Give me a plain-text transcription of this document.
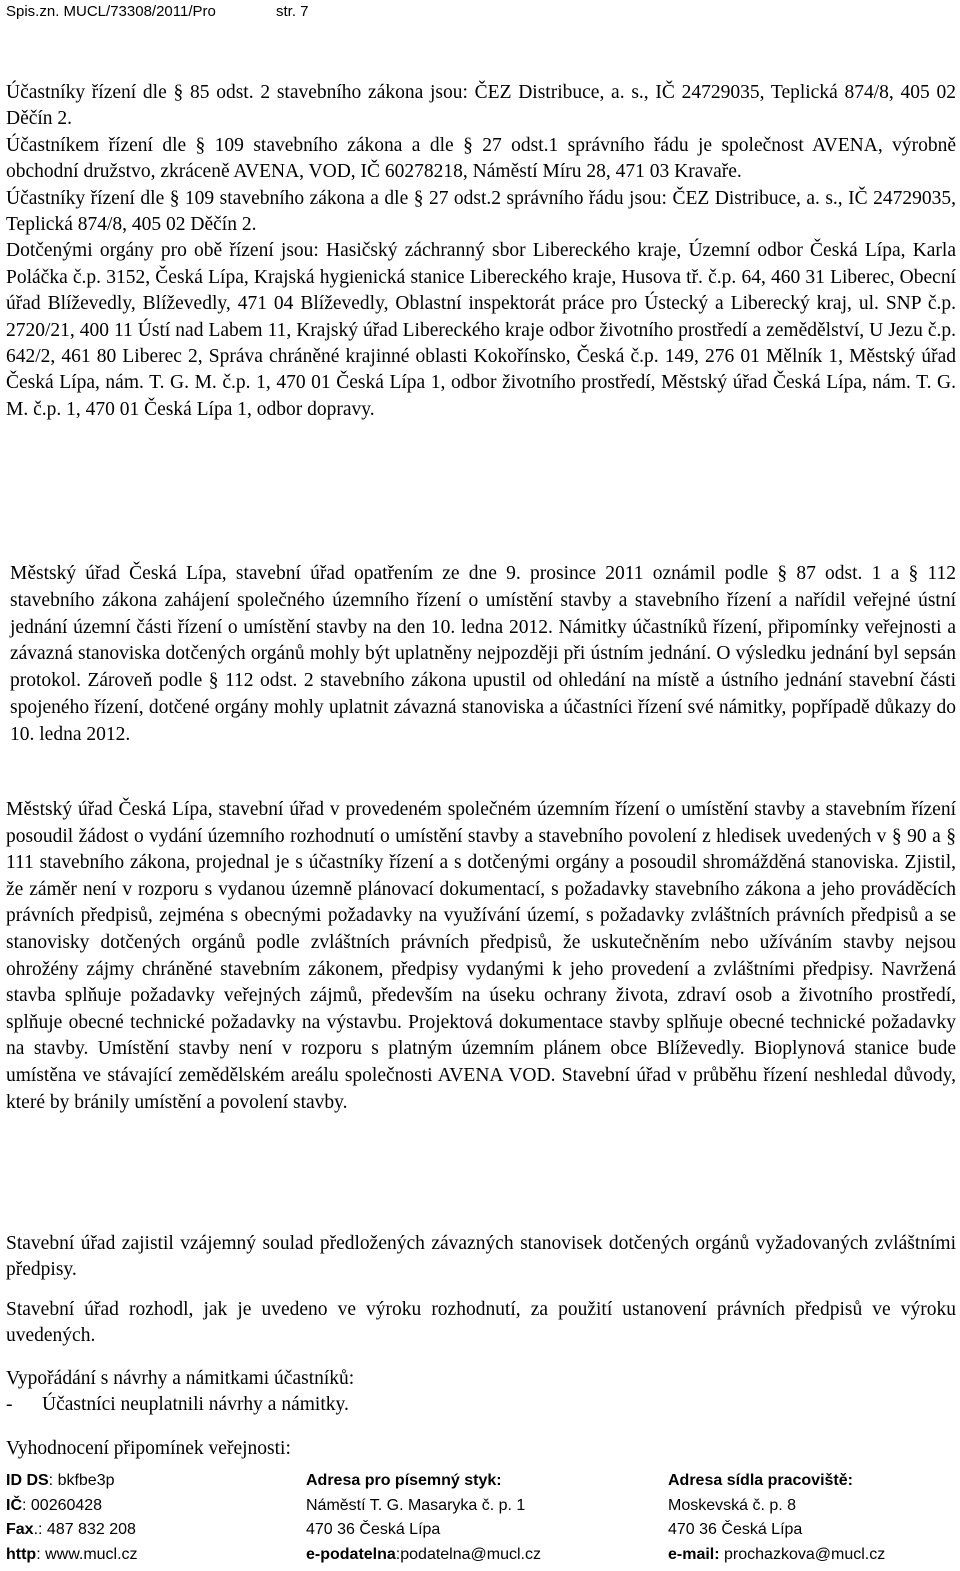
Spis.zn. MUCL/73308/2011/Pro	str. 7

Účastníky řízení dle § 85 odst. 2 stavebního zákona jsou: ČEZ Distribuce, a. s., IČ 24729035, Teplická 874/8, 405 02 Děčín 2.

Účastníkem řízení dle § 109 stavebního zákona a dle § 27 odst.1 správního řádu je společnost AVENA, výrobně obchodní družstvo, zkráceně AVENA, VOD, IČ 60278218, Náměstí Míru 28, 471 03 Kravaře.

Účastníky řízení dle § 109 stavebního zákona a dle § 27 odst.2 správního řádu jsou: ČEZ Distribuce, a. s., IČ 24729035, Teplická 874/8, 405 02 Děčín 2.

Dotčenými orgány pro obě řízení jsou: Hasičský záchranný sbor Libereckého kraje, Územní odbor Česká Lípa, Karla Poláčka č.p. 3152, Česká Lípa, Krajská hygienická stanice Libereckého kraje, Husova tř. č.p. 64, 460 31 Liberec, Obecní úřad Blíževedly, Blíževedly, 471 04 Blíževedly, Oblastní inspektorát práce pro Ústecký a Liberecký kraj, ul. SNP č.p. 2720/21, 400 11 Ústí nad Labem 11, Krajský úřad Libereckého kraje odbor životního prostředí a zemědělství, U Jezu č.p. 642/2, 461 80 Liberec 2, Správa chráněné krajinné oblasti Kokořínsko, Česká č.p. 149, 276 01 Mělník 1, Městský úřad Česká Lípa, nám. T. G. M. č.p. 1, 470 01 Česká Lípa 1, odbor životního prostředí, Městský úřad Česká Lípa, nám. T. G. M. č.p. 1, 470 01 Česká Lípa 1, odbor dopravy.

Městský úřad Česká Lípa, stavební úřad opatřením ze dne 9. prosince 2011 oznámil podle § 87 odst. 1 a § 112 stavebního zákona zahájení společného územního řízení o umístění stavby a stavebního řízení a nařídil veřejné ústní jednání územní části řízení o umístění stavby na den 10. ledna 2012. Námitky účastníků řízení, připomínky veřejnosti a závazná stanoviska dotčených orgánů mohly být uplatněny nejpozději při ústním jednání. O výsledku jednání byl sepsán protokol. Zároveň podle § 112 odst. 2 stavebního zákona upustil od ohledání na místě a ústního jednání stavební části spojeného řízení, dotčené orgány mohly uplatnit závazná stanoviska a účastníci řízení své námitky, popřípadě důkazy do 10. ledna 2012.

Městský úřad Česká Lípa, stavební úřad v provedeném společném územním řízení o umístění stavby a stavebním řízení posoudil žádost o vydání územního rozhodnutí o umístění stavby a stavebního povolení z hledisek uvedených v § 90 a § 111 stavebního zákona, projednal je s účastníky řízení a s dotčenými orgány a posoudil shromážděná stanoviska. Zjistil, že záměr není v rozporu s vydanou územně plánovací dokumentací, s požadavky stavebního zákona a jeho prováděcích právních předpisů, zejména s obecnými požadavky na využívání území, s požadavky zvláštních právních předpisů a se stanovisky dotčených orgánů podle zvláštních právních předpisů, že uskutečněním nebo užíváním stavby nejsou ohrožény zájmy chráněné stavebním zákonem, předpisy vydanými k jeho provedení a zvláštními předpisy. Navržená stavba splňuje požadavky veřejných zájmů, především na úseku ochrany života, zdraví osob a životního prostředí, splňuje obecné technické požadavky na výstavbu. Projektová dokumentace stavby splňuje obecné technické požadavky na stavby. Umístění stavby není v rozporu s platným územním plánem obce Blíževedly. Bioplynová stanice bude umístěna ve stávající zemědělském areálu společnosti AVENA VOD. Stavební úřad v průběhu řízení neshledal důvody, které by bránily umístění a povolení stavby.

Stavební úřad zajistil vzájemný soulad předložených závazných stanovisek dotčených orgánů vyžadovaných zvláštními předpisy.

Stavební úřad rozhodl, jak je uvedeno ve výroku rozhodnutí, za použití ustanovení právních předpisů ve výroku uvedených.

Vypořádání s návrhy a námitkami účastníků:

- Účastníci neuplatnili návrhy a námitky.

Vyhodnocení připomínek veřejnosti:

ID DS: bkfbe3p
IČ: 00260428
Fax.: 487 832 208
http: www.mucl.cz
Adresa pro písemný styk:
Náměstí T. G. Masaryka č. p. 1
470 36 Česká Lípa
e-podatelna:podatelna@mucl.cz
Adresa sídla pracoviště:
Moskevská č. p. 8
470 36 Česká Lípa
e-mail: prochazkova@mucl.cz
